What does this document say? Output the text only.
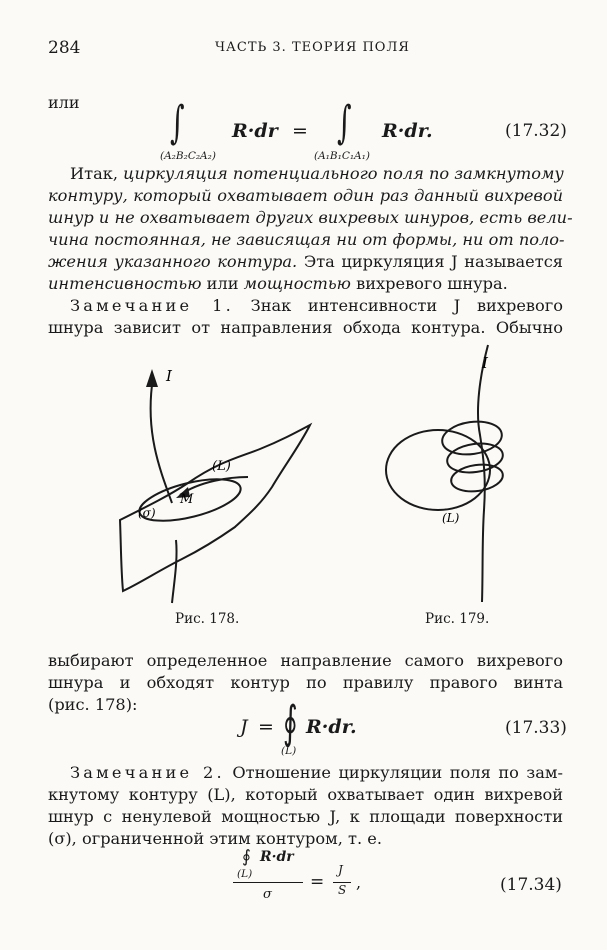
284	ЧАСТЬ 3. ТЕОРИЯ ПОЛЯ
или	∫
(A₂B₂C₂A₂)
R·dr = ∫
(A₁B₁C₁A₁)
R·dr.	(17.32)
Итак, циркуляция потенциального поля по замкнутому
контуру, который охватывает один раз данный вихревой
шнур и не охватывает других вихревых шнуров, есть вели-
чина постоянная, не зависящая ни от формы, ни от поло-
жения указанного контура. Эта циркуляция J называется
интенсивностью или мощностью вихревого шнура.
Замечание 1. Знак интенсивности J вихревого
шнура зависит от направления обхода контура. Обычно
I
(L)
M
(σ)
Рис. 178.
I
(L)
Рис. 179.
выбирают определенное направление самого вихревого
шнура и обходят контур по правилу правого винта
(рис. 178):
J = ∮ R·dr.
(L)
(17.33)
Замечание 2. Отношение циркуляции поля по зам-
кнутому контуру (L), который охватывает один вихревой
шнур с ненулевой мощностью J, к площади поверхности
(σ), ограниченной этим контуром, т. е.
∮ R·dr
(L)
σ
=
J
S ,	(17.34)
